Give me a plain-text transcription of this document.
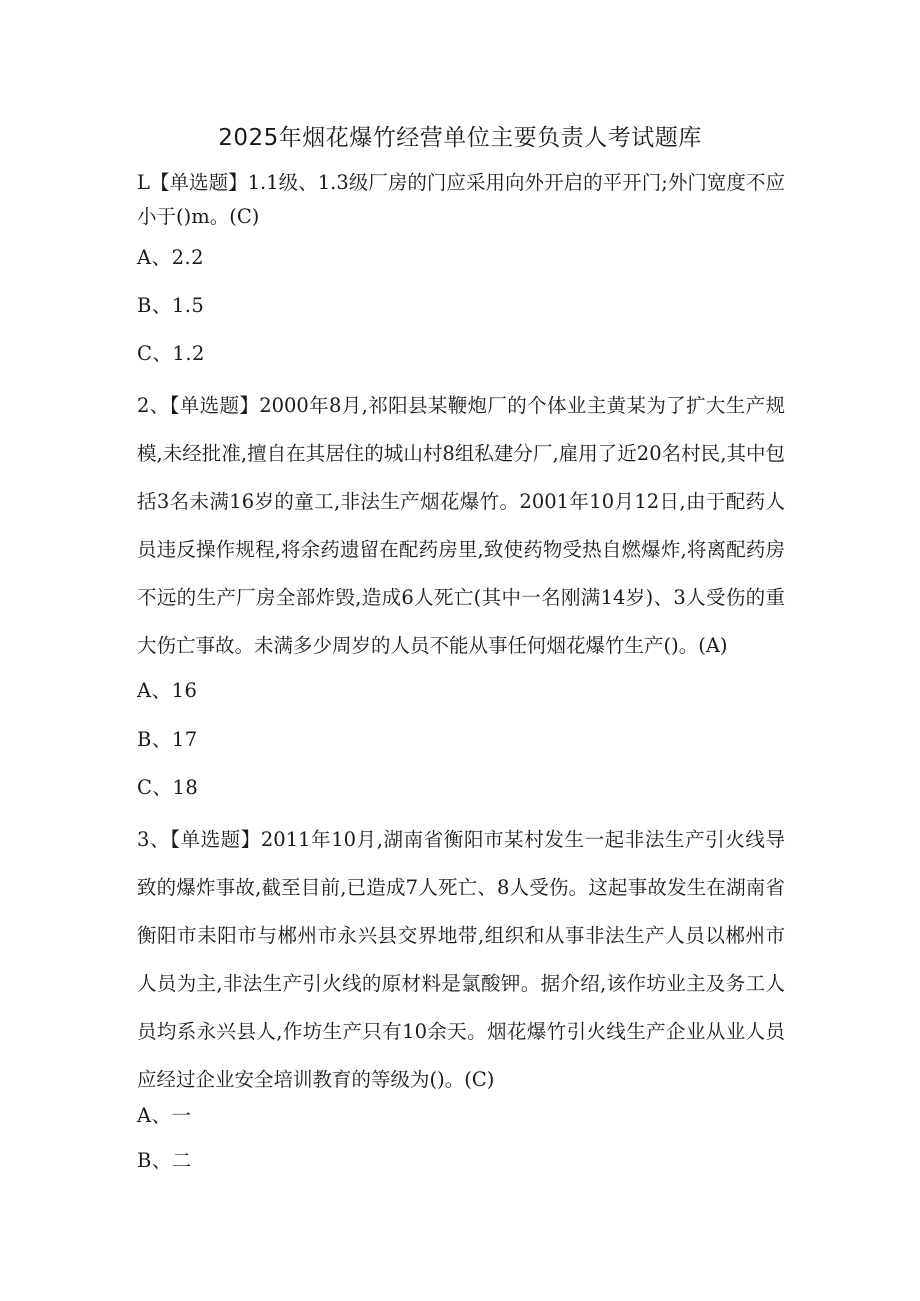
2025年烟花爆竹经营单位主要负责人考试题库

L【单选题】1.1级、1.3级厂房的门应采用向外开启的平开门;外门宽度不应小于()m。(C)

A、2.2
B、1.5
C、1.2

2、【单选题】2000年8月,祁阳县某鞭炮厂的个体业主黄某为了扩大生产规模,未经批准,擅自在其居住的城山村8组私建分厂,雇用了近20名村民,其中包括3名未满16岁的童工,非法生产烟花爆竹。2001年10月12日,由于配药人员违反操作规程,将余药遗留在配药房里,致使药物受热自燃爆炸,将离配药房不远的生产厂房全部炸毁,造成6人死亡(其中一名刚满14岁)、3人受伤的重大伤亡事故。未满多少周岁的人员不能从事任何烟花爆竹生产()。(A)

A、16
B、17
C、18

3、【单选题】2011年10月,湖南省衡阳市某村发生一起非法生产引火线导致的爆炸事故,截至目前,已造成7人死亡、8人受伤。这起事故发生在湖南省衡阳市耒阳市与郴州市永兴县交界地带,组织和从事非法生产人员以郴州市人员为主,非法生产引火线的原材料是氯酸钾。据介绍,该作坊业主及务工人员均系永兴县人,作坊生产只有10余天。烟花爆竹引火线生产企业从业人员应经过企业安全培训教育的等级为()。(C)

A、一
B、二
